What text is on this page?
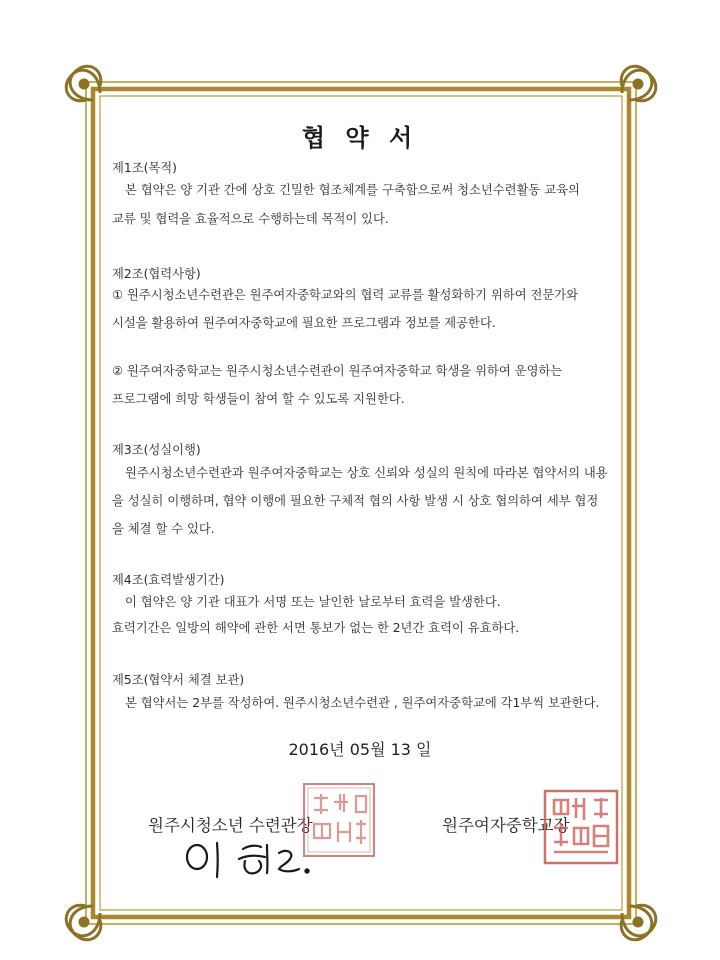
협 약 서
제1조(목적)
본 협약은 양 기관 간에 상호 긴밀한 협조체계를 구축함으로써 청소년수련활동 교육의
교류 및 협력을 효율적으로 수행하는데 목적이 있다.
제2조(협력사항)
① 원주시청소년수련관은 원주여자중학교와의 협력 교류를 활성화하기 위하여 전문가와
시설을 활용하여 원주여자중학교에 필요한 프로그램과 정보를 제공한다.
② 원주여자중학교는 원주시청소년수련관이 원주여자중학교 학생을 위하여 운영하는
프로그램에 희망 학생들이 참여 할 수 있도록 지원한다.
제3조(성실이행)
원주시청소년수련관과 원주여자중학교는 상호 신뢰와 성실의 원칙에 따라본 협약서의 내용
을 성실히 이행하며, 협약 이행에 필요한 구체적 협의 사항 발생 시 상호 협의하여 세부 협정
을 체결 할 수 있다.
제4조(효력발생기간)
이 협약은 양 기관 대표가 서명 또는 날인한 날로부터 효력을 발생한다.
효력기간은 일방의 해약에 관한 서면 통보가 없는 한 2년간 효력이 유효하다.
제5조(협약서 체결 보관)
본 협약서는 2부를 작성하여. 원주시청소년수련관 , 원주여자중학교에 각1부씩 보관한다.
2016년 05월 13 일
원주시청소년 수련관장	원주여자중학교장
